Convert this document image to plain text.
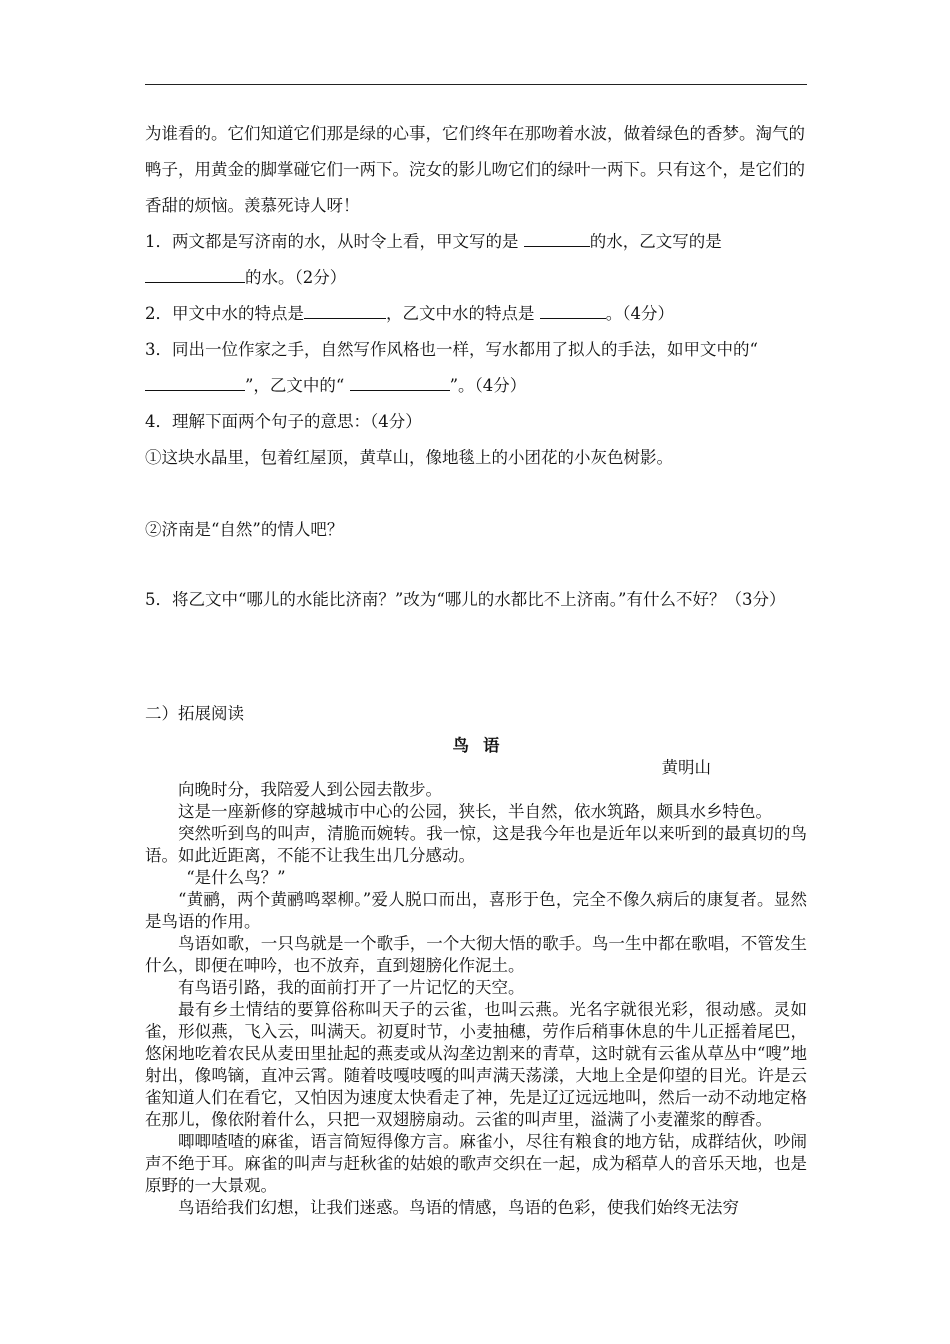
为谁看的。它们知道它们那是绿的心事，它们终年在那吻着水波，做着绿色的香梦。淘气的鸭子，用黄金的脚掌碰它们一两下。浣女的影儿吻它们的绿叶一两下。只有这个，是它们的香甜的烦恼。羡慕死诗人呀！

1．两文都是写济南的水，从时令上看，甲文写的是	的水，乙文写的是
的水。（2分）

2．甲文中水的特点是	，乙文中水的特点是	。（4分）

3．同出一位作家之手，自然写作风格也一样，写水都用了拟人的手法，如甲文中的“”，乙文中的“	”。（4分）

4．理解下面两个句子的意思：（4分）

①这块水晶里，包着红屋顶，黄草山，像地毯上的小团花的小灰色树影。

②济南是“自然”的情人吧？

5．将乙文中“哪儿的水能比济南？”改为“哪儿的水都比不上济南。”有什么不好？（3分）

二）拓展阅读

鸟语

黄明山

向晚时分，我陪爱人到公园去散步。

这是一座新修的穿越城市中心的公园，狭长，半自然，依水筑路，颇具水乡特色。

突然听到鸟的叫声，清脆而婉转。我一惊，这是我今年也是近年以来听到的最真切的鸟语。如此近距离，不能不让我生出几分感动。

“是什么鸟？”

“黄鹂，两个黄鹂鸣翠柳。”爱人脱口而出，喜形于色，完全不像久病后的康复者。显然是鸟语的作用。

鸟语如歌，一只鸟就是一个歌手，一个大彻大悟的歌手。鸟一生中都在歌唱，不管发生什么，即便在呻吟，也不放弃，直到翅膀化作泥土。

有鸟语引路，我的面前打开了一片记忆的天空。

最有乡土情结的要算俗称叫天子的云雀，也叫云燕。光名字就很光彩，很动感。灵如雀，形似燕，飞入云，叫满天。初夏时节，小麦抽穗，劳作后稍事休息的牛儿正摇着尾巴，悠闲地吃着农民从麦田里扯起的燕麦或从沟垄边割来的青草，这时就有云雀从草丛中“嗖”地射出，像鸣镝，直冲云霄。随着吱嘎吱嘎的叫声满天荡漾，大地上全是仰望的目光。许是云雀知道人们在看它，又怕因为速度太快看走了神，先是辽辽远远地叫，然后一动不动地定格在那儿，像依附着什么，只把一双翅膀扇动。云雀的叫声里，溢满了小麦灌浆的醇香。

唧唧喳喳的麻雀，语言简短得像方言。麻雀小，尽往有粮食的地方钻，成群结伙，吵闹声不绝于耳。麻雀的叫声与赶秋雀的姑娘的歌声交织在一起，成为稻草人的音乐天地，也是原野的一大景观。

鸟语给我们幻想，让我们迷惑。鸟语的情感，鸟语的色彩，使我们始终无法穷
